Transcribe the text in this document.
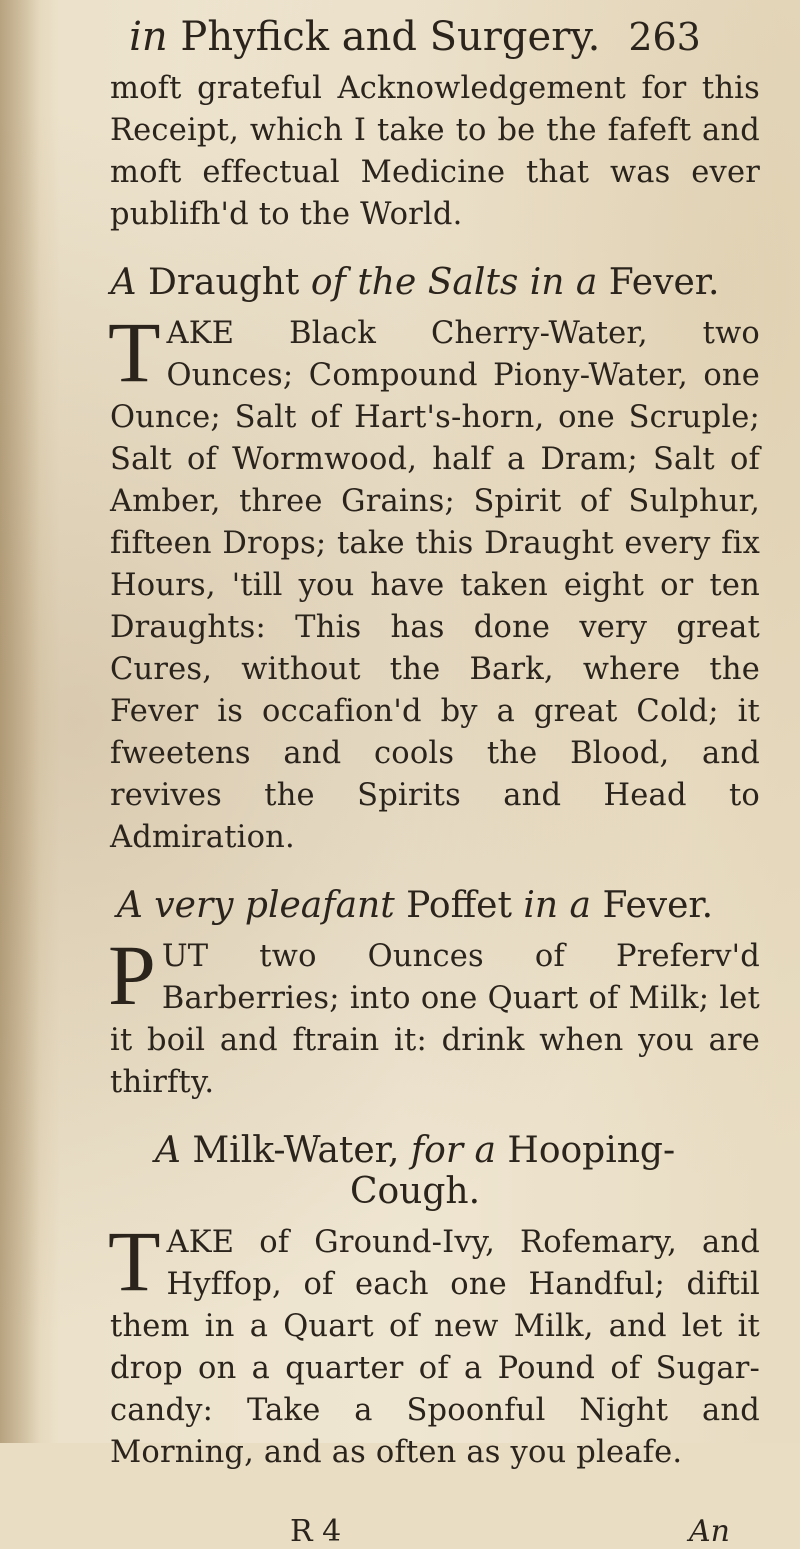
in
Phyfick and Surgery. 263

moft grateful Acknowledgement for this Receipt, which I take to be the fafeft and moft effectual Medicine that was ever publifh'd to the World.

A Draught of the Salts in a Fever.
T AKE Black Cherry-Water, two Ounces; Compound Piony-Water, one Ounce; Salt of Hart's-horn, one Scruple; Salt of Wormwood, half a Dram; Salt of Amber, three Grains; Spirit of Sulphur, fifteen Drops; take this Draught every fix Hours, 'till you have taken eight or ten Draughts: This has done very great Cures, without the Bark, where the Fever is occafion'd by a great Cold; it fweetens and cools the Blood, and revives the Spirits and Head to Admiration.

A very pleafant Poffet in a Fever.
P UT two Ounces of Preferv'd Barberries; into one Quart of Milk; let it boil and ftrain it: drink when you are thirfty.

A Milk-Water, for a Hooping-Cough.
T AKE of Ground-Ivy, Rofemary, and Hyffop, of each one Handful; diftil them in a Quart of new Milk, and let it drop on a quarter of a Pound of Sugar-candy: Take a Spoonful Night and Morning, and as often as you pleafe.

R 4	An
